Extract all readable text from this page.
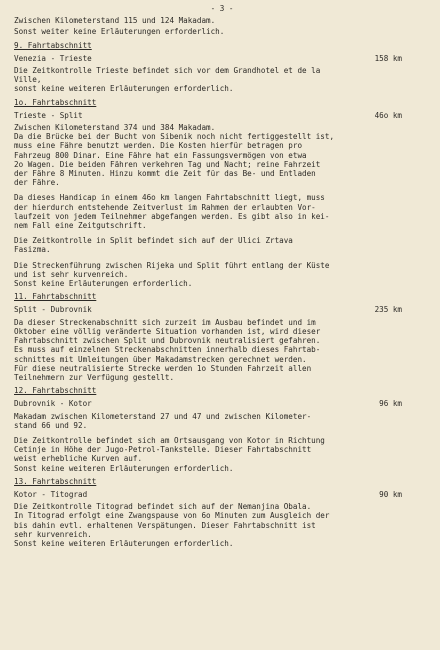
- 3 -

Zwischen Kilometerstand 115 und 124 Makadam.

Sonst weiter keine Erläuterungen erforderlich.

9. Fahrtabschnitt
Venezia - Trieste	158 km

Die Zeitkontrolle Trieste befindet sich vor dem Grandhotel et de la
Ville,
sonst keine weiteren Erläuterungen erforderlich.

1o. Fahrtabschnitt
Trieste - Split	46o km

Zwischen Kilometerstand 374 und 384 Makadam.
Da die Brücke bei der Bucht von Sibenik noch nicht fertiggestellt ist,
muss eine Fähre benutzt werden. Die Kosten hierfür betragen pro
Fahrzeug 800 Dinar. Eine Fähre hat ein Fassungsvermögen von etwa
2o Wagen. Die beiden Fähren verkehren Tag und Nacht; reine Fahrzeit
der Fähre 8 Minuten. Hinzu kommt die Zeit für das Be- und Entladen
der Fähre.

Da dieses Handicap in einem 46o km langen Fahrtabschnitt liegt, muss
der hierdurch entstehende Zeitverlust im Rahmen der erlaubten Vor-
laufzeit von jedem Teilnehmer abgefangen werden. Es gibt also in kei-
nem Fall eine Zeitgutschrift.

Die Zeitkontrolle in Split befindet sich auf der Ulici Zrtava
Fasizma.

Die Streckenführung zwischen Rijeka und Split führt entlang der Küste
und ist sehr kurvenreich.
Sonst keine Erläuterungen erforderlich.

11. Fahrtabschnitt
Split - Dubrovnik	235 km

Da dieser Streckenabschnitt sich zurzeit im Ausbau befindet und im
Oktober eine völlig veränderte Situation vorhanden ist, wird dieser
Fahrtabschnitt zwischen Split und Dubrovnik neutralisiert gefahren.
Es muss auf einzelnen Streckenabschnitten innerhalb dieses Fahrtab-
schnittes mit Umleitungen über Makadamstrecken gerechnet werden.
Für diese neutralisierte Strecke werden 1o Stunden Fahrzeit allen
Teilnehmern zur Verfügung gestellt.

12. Fahrtabschnitt
Dubrovnik - Kotor	96 km

Makadam zwischen Kilometerstand 27 und 47 und zwischen Kilometer-
stand 66 und 92.

Die Zeitkontrolle befindet sich am Ortsausgang von Kotor in Richtung
Cetinje in Höhe der Jugo-Petrol-Tankstelle. Dieser Fahrtabschnitt
weist erhebliche Kurven auf.
Sonst keine weiteren Erläuterungen erforderlich.

13. Fahrtabschnitt
Kotor - Titograd	90 km

Die Zeitkontrolle Titograd befindet sich auf der Nemanjina Obala.
In Titograd erfolgt eine Zwangspause von 6o Minuten zum Ausgleich der
bis dahin evtl. erhaltenen Verspätungen. Dieser Fahrtabschnitt ist
sehr kurvenreich.
Sonst keine weiteren Erläuterungen erforderlich.
